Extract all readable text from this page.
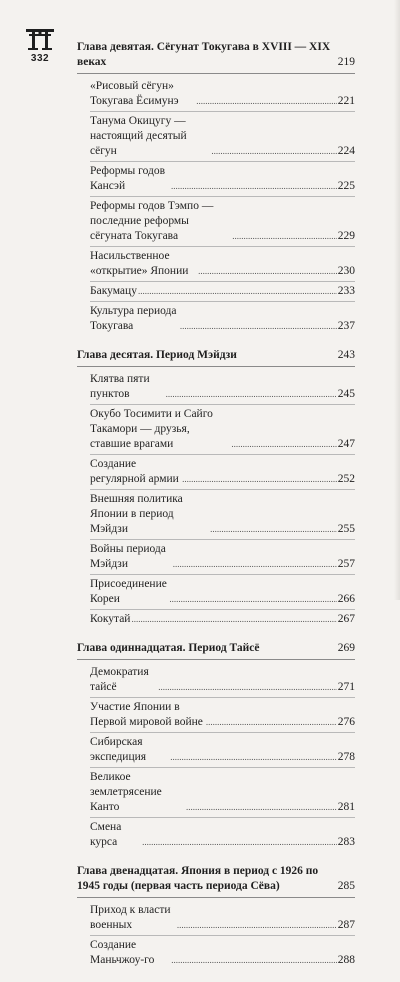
332
Глава девятая. Сёгунат Токугава в XVIII — XIX веках	219
«Рисовый сёгун» Токугава Ёсимунэ .....	221
Танума Окицугу — настоящий десятый сёгун .....	224
Реформы годов Кансэй .....	225
Реформы годов Тэмпо — последние реформы сёгуната Токугава .....	229
Насильственное «открытие» Японии .....	230
Бакумацу .....	233
Культура периода Токугава .....	237
Глава десятая. Период Мэйдзи	243
Клятва пяти пунктов .....	245
Окубо Тосимити и Сайго Такамори — друзья, ставшие врагами .....	247
Создание регулярной армии .....	252
Внешняя политика Японии в период Мэйдзи .....	255
Войны периода Мэйдзи .....	257
Присоединение Кореи .....	266
Кокутай .....	267
Глава одиннадцатая. Период Тайсё	269
Демократия тайсё .....	271
Участие Японии в Первой мировой войне .....	276
Сибирская экспедиция .....	278
Великое землетрясение Канто .....	281
Смена курса .....	283
Глава двенадцатая. Япония в период с 1926 по 1945 годы (первая часть периода Сёва)	285
Приход к власти военных .....	287
Создание Маньчжоу-го .....	288
